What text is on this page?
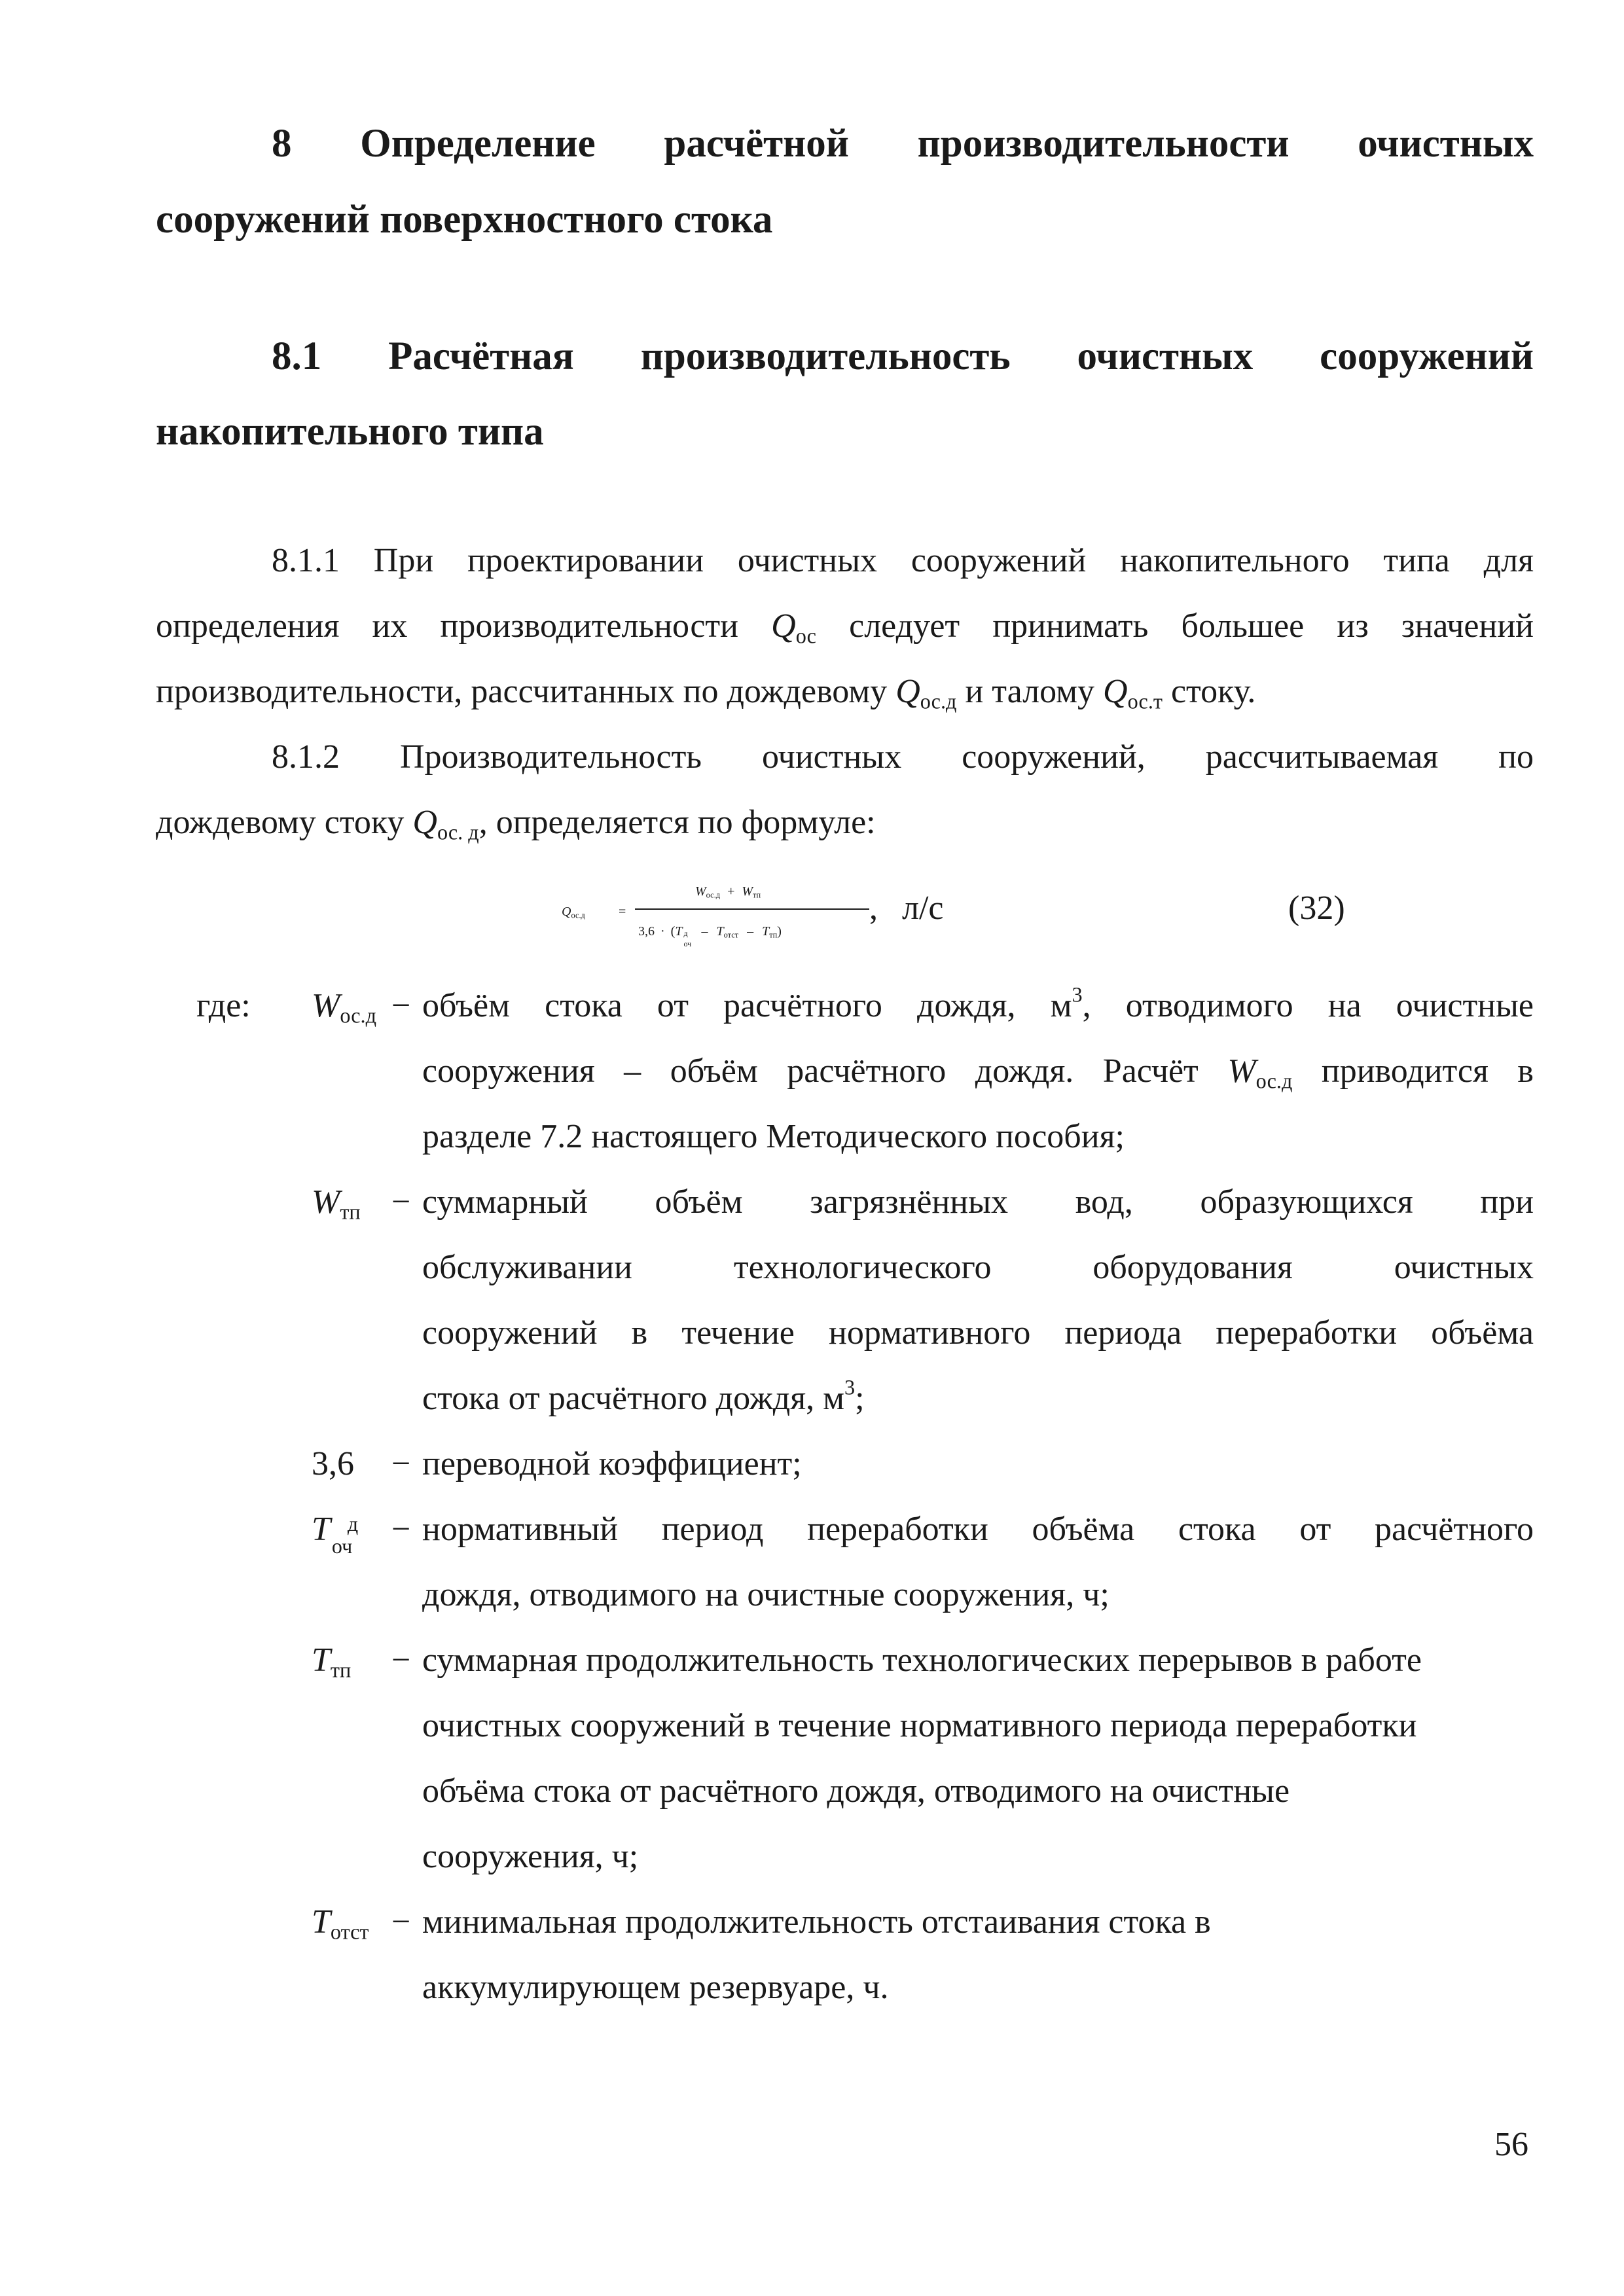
8 Определение расчётной производительности очистных
сооружений поверхностного стока
8.1 Расчётная производительность очистных сооружений
накопительного типа
8.1.1 При проектировании очистных сооружений накопительного типа для
определения их производительности $Q_{ос}$ следует принимать большее из значений
производительности, рассчитанных по дождевому $Q_{ос.д}$ и талому $Q_{ос.т}$ стоку.
8.1.2 Производительность очистных сооружений, рассчитываемая по
дождевому стоку $Q_{ос. д}$, определяется по формуле:
$Q_{ос.д}$	=
$W_{ос.д} + W_{тп}$
3,6 · (T д
оч
– $T_{отст} - T_{тп}$)
, л/с	(32)
где: $W_{ос.д}$ − объём стока от расчётного дождя, $м^3$, отводимого на очистные
сооружения – объём расчётного дождя. Расчёт $W_{ос.д}$ приводится в
разделе 7.2 настоящего Методического пособия;
$W_{тп}$ − суммарный объём загрязнённых вод, образующихся при
обслуживании технологического оборудования очистных
сооружений в течение нормативного периода переработки объёма
стока от расчётного дождя, $м^3$;
3,6 − переводной коэффициент;
T д
оч − нормативный период переработки объёма стока от расчётного
дождя, отводимого на очистные сооружения, ч;
$T_{тп}$ − суммарная продолжительность технологических перерывов в работе
очистных сооружений в течение нормативного периода переработки
объёма стока от расчётного дождя, отводимого на очистные
сооружения, ч;
$T_{отст}$ − минимальная продолжительность отстаивания стока в
аккумулирующем резервуаре, ч.
56
